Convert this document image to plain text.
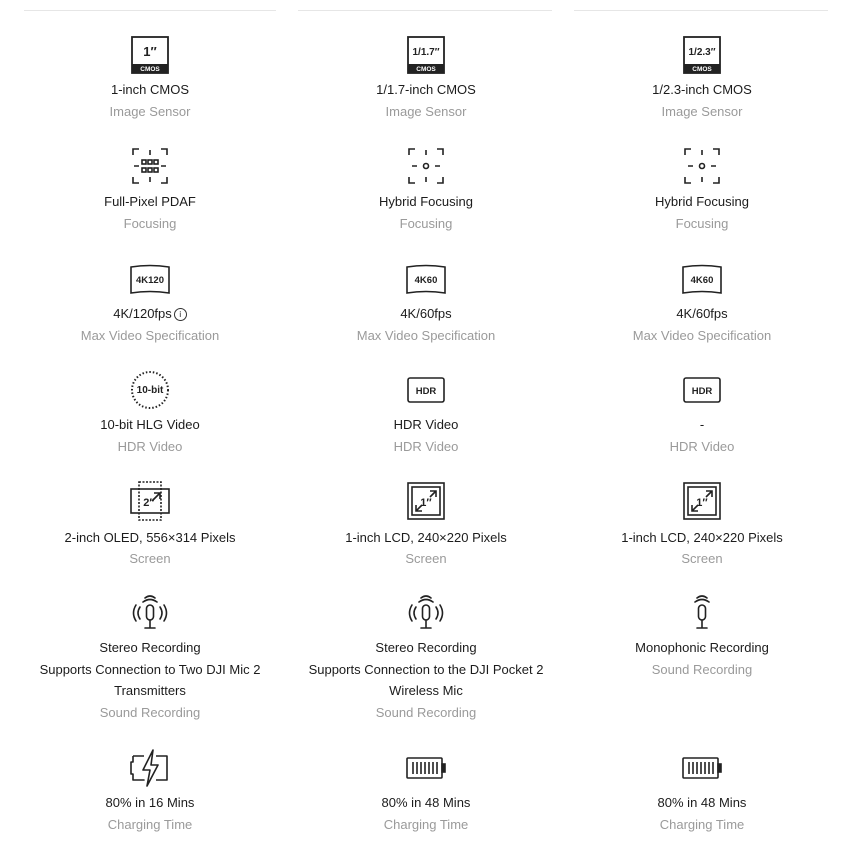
1″
CMOS
1-inch CMOS
Image Sensor
Full-Pixel PDAF
Focusing
4K120
4K/120fps i
Max Video Specification
10-bit
10-bit HLG Video
HDR Video
2″
2-inch OLED, 556×314 Pixels
Screen
Stereo Recording
Supports Connection to Two DJI Mic 2
Transmitters
Sound Recording
80% in 16 Mins
Charging Time
1/1.7″
CMOS
1/1.7-inch CMOS
Image Sensor
Hybrid Focusing
Focusing
4K60
4K/60fps
Max Video Specification
HDR
HDR Video
HDR Video
1″
1-inch LCD, 240×220 Pixels
Screen
Stereo Recording
Supports Connection to the DJI Pocket 2
Wireless Mic
Sound Recording
80% in 48 Mins
Charging Time
1/2.3″
CMOS
1/2.3-inch CMOS
Image Sensor
Hybrid Focusing
Focusing
4K60
4K/60fps
Max Video Specification
HDR
-
HDR Video
1″
1-inch LCD, 240×220 Pixels
Screen
Monophonic Recording
Sound Recording
80% in 48 Mins
Charging Time
